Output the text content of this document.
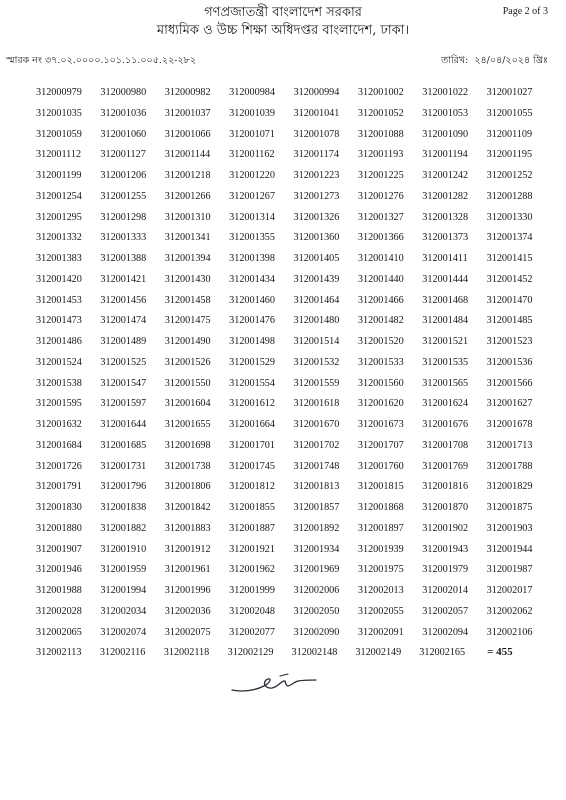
গণপ্রজাতন্ত্রী বাংলাদেশ সরকার
মাধ্যমিক ও উচ্চ শিক্ষা অধিদপ্তর বাংলাদেশ, ঢাকা।
Page 2 of 3
স্মারক নং ৩৭.০২.০০০০.১০১.১১.০০৫.২২-২৮২	তারিখ: ২৪/০৪/২০২৪ খ্রিঃ
312000979	312000980	312000982	312000984	312000994	312001002	312001022	312001027
312001035	312001036	312001037	312001039	312001041	312001052	312001053	312001055
312001059	312001060	312001066	312001071	312001078	312001088	312001090	312001109
312001112	312001127	312001144	312001162	312001174	312001193	312001194	312001195
312001199	312001206	312001218	312001220	312001223	312001225	312001242	312001252
312001254	312001255	312001266	312001267	312001273	312001276	312001282	312001288
312001295	312001298	312001310	312001314	312001326	312001327	312001328	312001330
312001332	312001333	312001341	312001355	312001360	312001366	312001373	312001374
312001383	312001388	312001394	312001398	312001405	312001410	312001411	312001415
312001420	312001421	312001430	312001434	312001439	312001440	312001444	312001452
312001453	312001456	312001458	312001460	312001464	312001466	312001468	312001470
312001473	312001474	312001475	312001476	312001480	312001482	312001484	312001485
312001486	312001489	312001490	312001498	312001514	312001520	312001521	312001523
312001524	312001525	312001526	312001529	312001532	312001533	312001535	312001536
312001538	312001547	312001550	312001554	312001559	312001560	312001565	312001566
312001595	312001597	312001604	312001612	312001618	312001620	312001624	312001627
312001632	312001644	312001655	312001664	312001670	312001673	312001676	312001678
312001684	312001685	312001698	312001701	312001702	312001707	312001708	312001713
312001726	312001731	312001738	312001745	312001748	312001760	312001769	312001788
312001791	312001796	312001806	312001812	312001813	312001815	312001816	312001829
312001830	312001838	312001842	312001855	312001857	312001868	312001870	312001875
312001880	312001882	312001883	312001887	312001892	312001897	312001902	312001903
312001907	312001910	312001912	312001921	312001934	312001939	312001943	312001944
312001946	312001959	312001961	312001962	312001969	312001975	312001979	312001987
312001988	312001994	312001996	312001999	312002006	312002013	312002014	312002017
312002028	312002034	312002036	312002048	312002050	312002055	312002057	312002062
312002065	312002074	312002075	312002077	312002090	312002091	312002094	312002106
312002113	312002116	312002118	312002129	312002148	312002149	312002165	= 455
